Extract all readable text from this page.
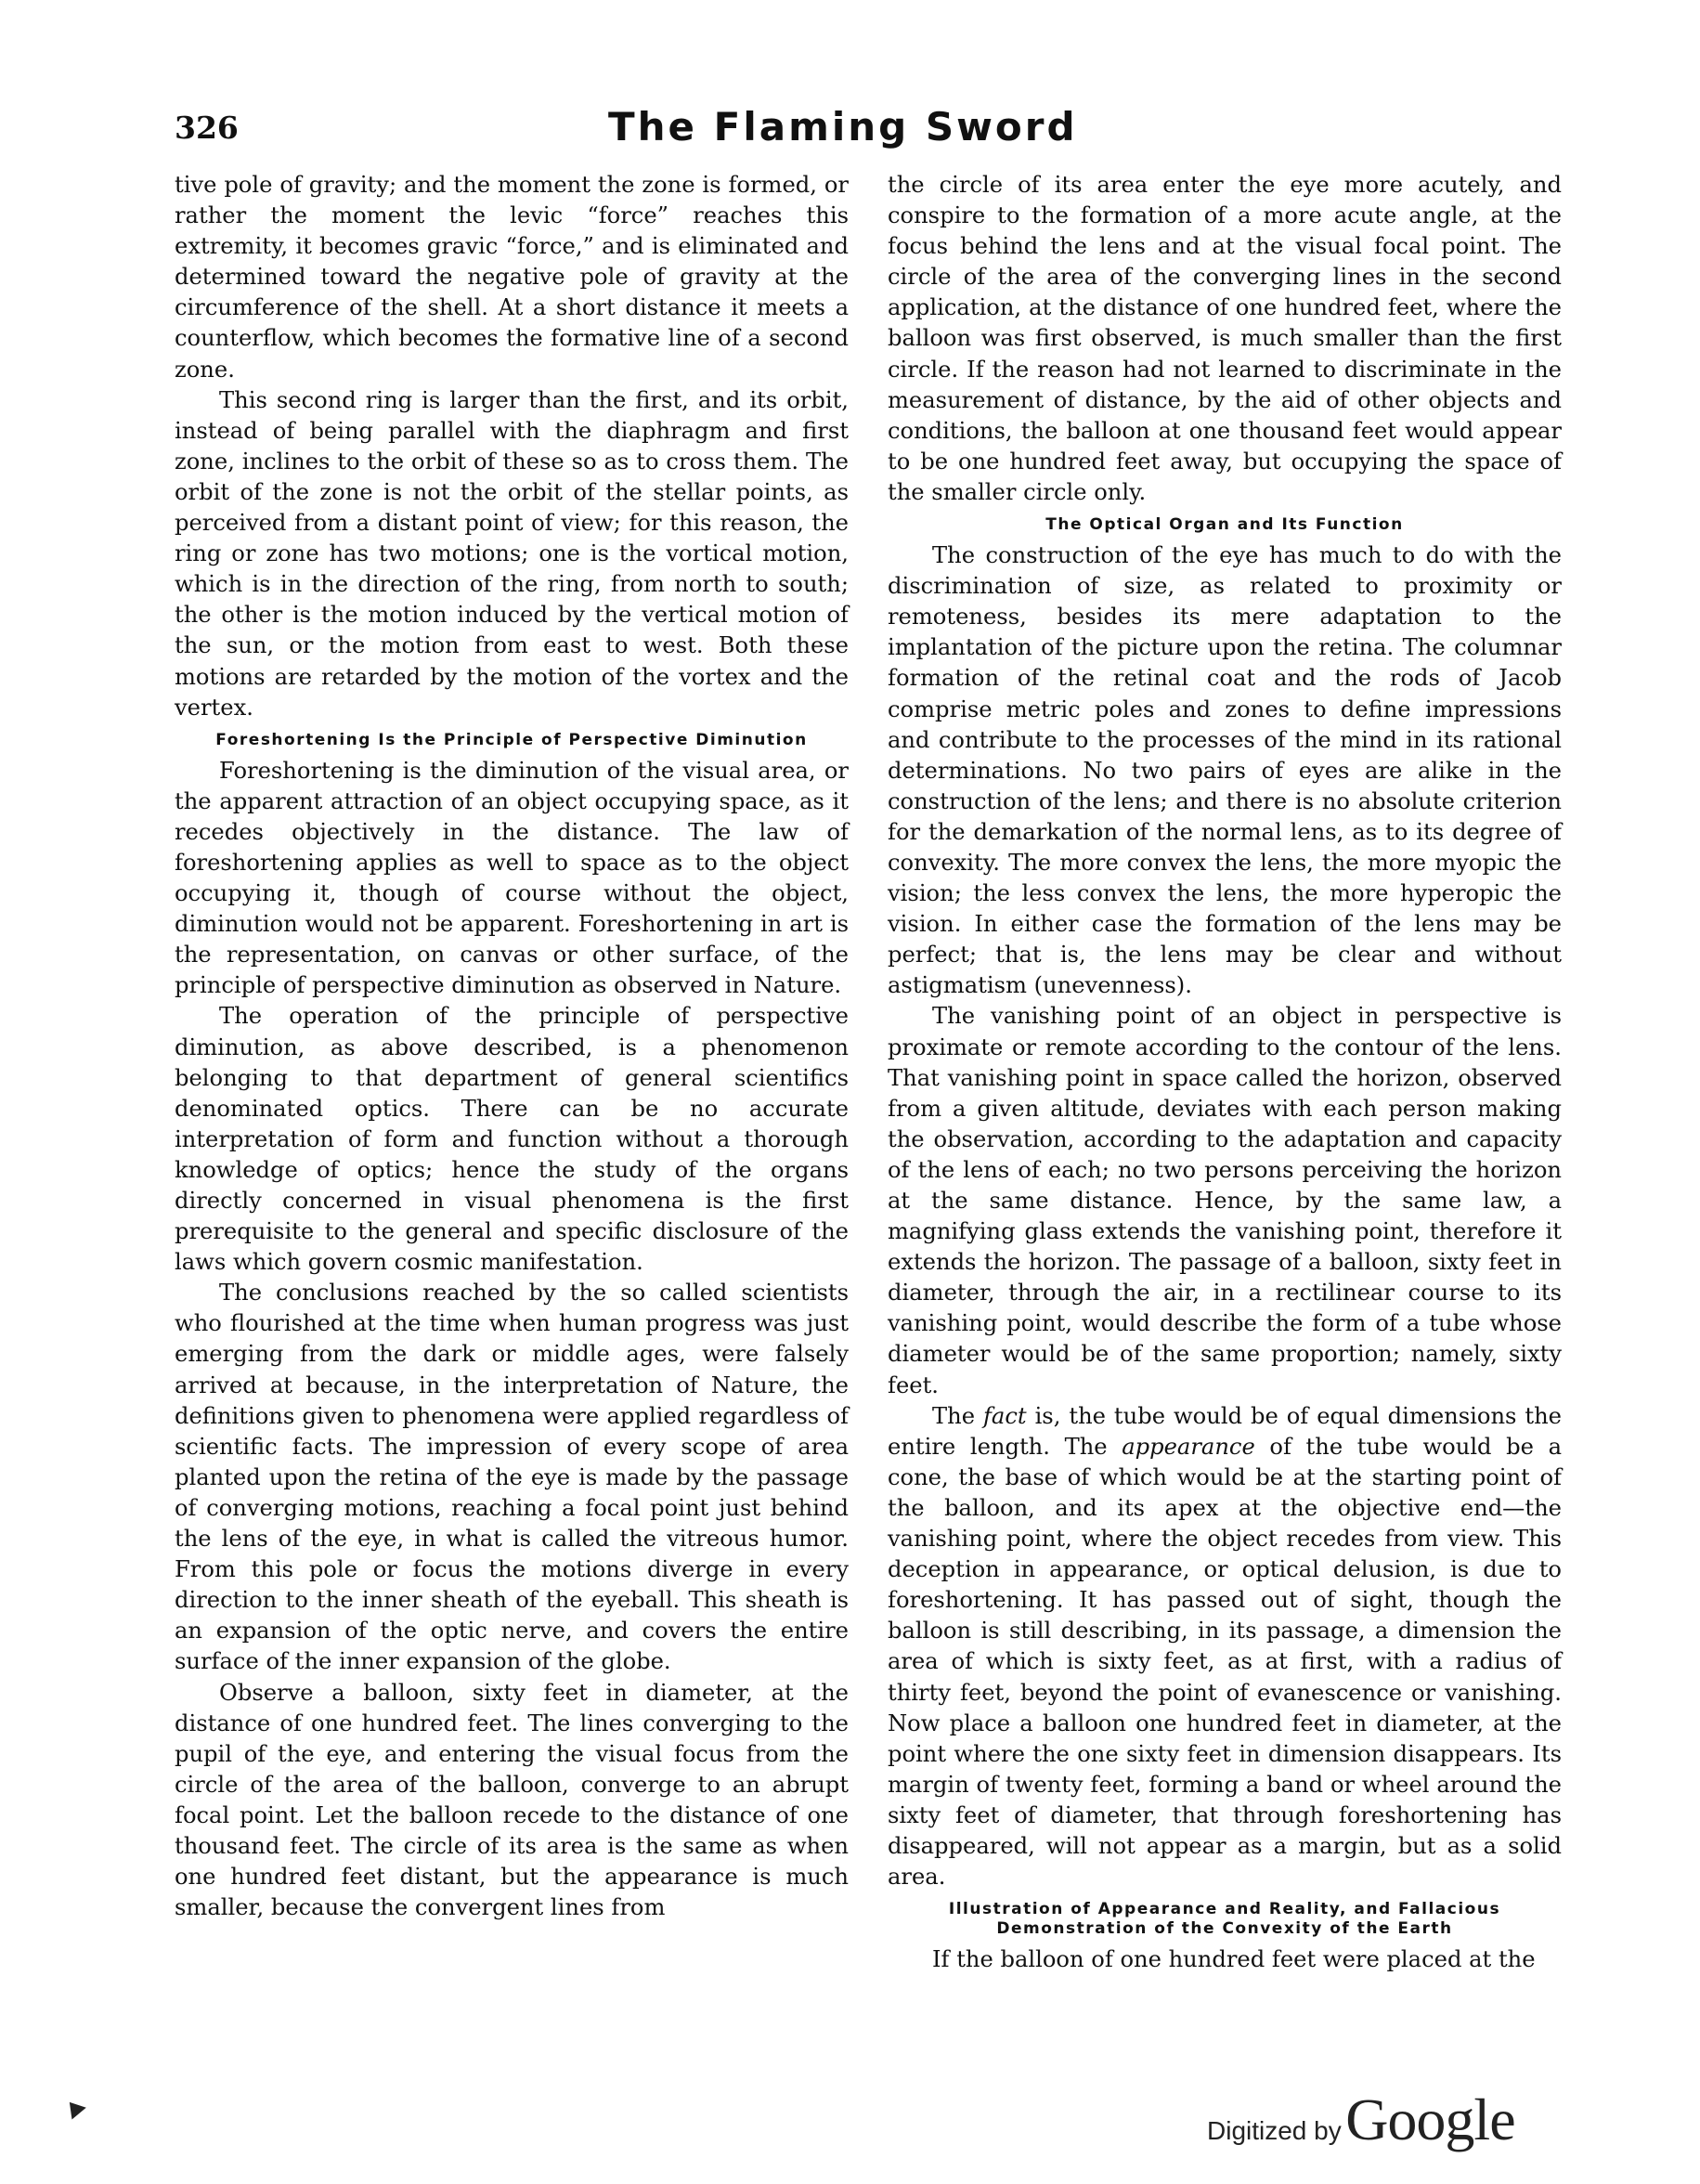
326	The Flaming Sword

tive pole of gravity; and the moment the zone is formed, or rather the moment the levic “force” reaches this extremity, it becomes gravic “force,” and is eliminated and determined toward the negative pole of gravity at the circumference of the shell. At a short distance it meets a counterflow, which becomes the formative line of a second zone.

This second ring is larger than the first, and its orbit, instead of being parallel with the diaphragm and first zone, inclines to the orbit of these so as to cross them. The orbit of the zone is not the orbit of the stellar points, as perceived from a distant point of view; for this reason, the ring or zone has two motions; one is the vortical motion, which is in the direction of the ring, from north to south; the other is the motion induced by the vertical motion of the sun, or the motion from east to west. Both these motions are retarded by the motion of the vortex and the vertex.

Foreshortening Is the Principle of Perspective Diminution

Foreshortening is the diminution of the visual area, or the apparent attraction of an object occupying space, as it recedes objectively in the distance. The law of foreshortening applies as well to space as to the object occupying it, though of course without the object, diminution would not be apparent. Foreshortening in art is the representation, on canvas or other surface, of the principle of perspective diminution as observed in Nature.

The operation of the principle of perspective diminution, as above described, is a phenomenon belonging to that department of general scientifics denominated optics. There can be no accurate interpretation of form and function without a thorough knowledge of optics; hence the study of the organs directly concerned in visual phenomena is the first prerequisite to the general and specific disclosure of the laws which govern cosmic manifestation.

The conclusions reached by the so called scientists who flourished at the time when human progress was just emerging from the dark or middle ages, were falsely arrived at because, in the interpretation of Nature, the definitions given to phenomena were applied regardless of scientific facts. The impression of every scope of area planted upon the retina of the eye is made by the passage of converging motions, reaching a focal point just behind the lens of the eye, in what is called the vitreous humor. From this pole or focus the motions diverge in every direction to the inner sheath of the eyeball. This sheath is an expansion of the optic nerve, and covers the entire surface of the inner expansion of the globe.

Observe a balloon, sixty feet in diameter, at the distance of one hundred feet. The lines converging to the pupil of the eye, and entering the visual focus from the circle of the area of the balloon, converge to an abrupt focal point. Let the balloon recede to the distance of one thousand feet. The circle of its area is the same as when one hundred feet distant, but the appearance is much smaller, because the convergent lines from

the circle of its area enter the eye more acutely, and conspire to the formation of a more acute angle, at the focus behind the lens and at the visual focal point. The circle of the area of the converging lines in the second application, at the distance of one hundred feet, where the balloon was first observed, is much smaller than the first circle. If the reason had not learned to discriminate in the measurement of distance, by the aid of other objects and conditions, the balloon at one thousand feet would appear to be one hundred feet away, but occupying the space of the smaller circle only.

The Optical Organ and Its Function

The construction of the eye has much to do with the discrimination of size, as related to proximity or remoteness, besides its mere adaptation to the implantation of the picture upon the retina. The columnar formation of the retinal coat and the rods of Jacob comprise metric poles and zones to define impressions and contribute to the processes of the mind in its rational determinations. No two pairs of eyes are alike in the construction of the lens; and there is no absolute criterion for the demarkation of the normal lens, as to its degree of convexity. The more convex the lens, the more myopic the vision; the less convex the lens, the more hyperopic the vision. In either case the formation of the lens may be perfect; that is, the lens may be clear and without astigmatism (unevenness).

The vanishing point of an object in perspective is proximate or remote according to the contour of the lens. That vanishing point in space called the horizon, observed from a given altitude, deviates with each person making the observation, according to the adaptation and capacity of the lens of each; no two persons perceiving the horizon at the same distance. Hence, by the same law, a magnifying glass extends the vanishing point, therefore it extends the horizon. The passage of a balloon, sixty feet in diameter, through the air, in a rectilinear course to its vanishing point, would describe the form of a tube whose diameter would be of the same proportion; namely, sixty feet.

The fact is, the tube would be of equal dimensions the entire length. The appearance of the tube would be a cone, the base of which would be at the starting point of the balloon, and its apex at the objective end—the vanishing point, where the object recedes from view. This deception in appearance, or optical delusion, is due to foreshortening. It has passed out of sight, though the balloon is still describing, in its passage, a dimension the area of which is sixty feet, as at first, with a radius of thirty feet, beyond the point of evanescence or vanishing. Now place a balloon one hundred feet in diameter, at the point where the one sixty feet in dimension disappears. Its margin of twenty feet, forming a band or wheel around the sixty feet of diameter, that through foreshortening has disappeared, will not appear as a margin, but as a solid area.

Illustration of Appearance and Reality, and Fallacious Demonstration of the Convexity of the Earth

If the balloon of one hundred feet were placed at the

Digitized by Google
